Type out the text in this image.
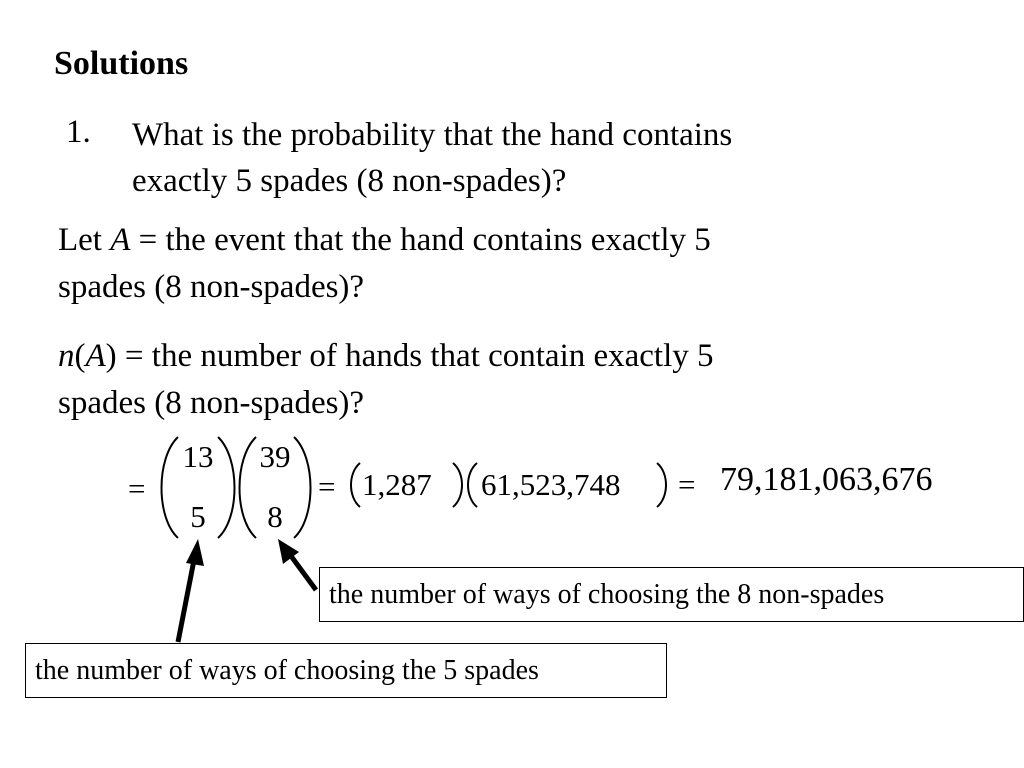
Solutions
1. What is the probability that the hand contains
exactly 5 spades (8 non-spades)?
Let A = the event that the hand contains exactly 5
spades (8 non-spades)?
n(A) = the number of hands that contain exactly 5
spades (8 non-spades)?
=
13
5
39
8
= 1,287 61,523,748 = 79,181,063,676
the number of ways of choosing the 8 non-spades
the number of ways of choosing the 5 spades
